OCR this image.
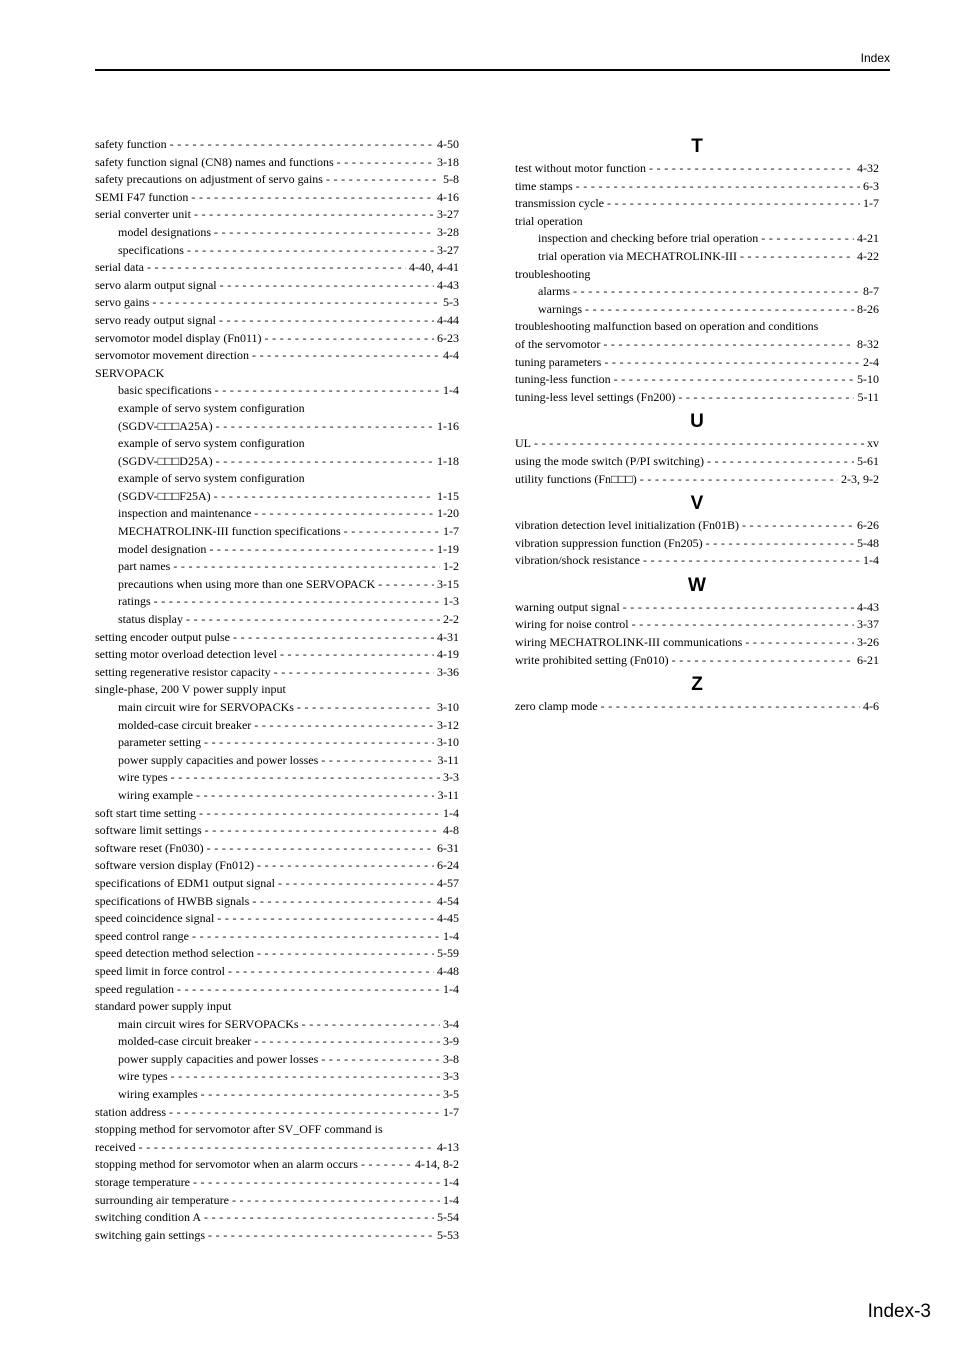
Index
safety function - - -	4-50
safety function signal (CN8) names and functions - - -	3-18
safety precautions on adjustment of servo gains - - -	5-8
SEMI F47 function - - -	4-16
serial converter unit - - -	3-27
model designations - - -	3-28
specifications - - -	3-27
serial data - - -	4-40, 4-41
servo alarm output signal - - -	4-43
servo gains - - -	5-3
servo ready output signal - - -	4-44
servomotor model display (Fn011) - - -	6-23
servomotor movement direction - - -	4-4
SERVOPACK
basic specifications - - -	1-4
example of servo system configuration
(SGDV-□□□A25A) - - -	1-16
example of servo system configuration
(SGDV-□□□D25A) - - -	1-18
example of servo system configuration
(SGDV-□□□F25A) - - -	1-15
inspection and maintenance - - -	1-20
MECHATROLINK-III function specifications - - -	1-7
model designation - - -	1-19
part names - - -	1-2
precautions when using more than one SERVOPACK - - -	3-15
ratings - - -	1-3
status display - - -	2-2
setting encoder output pulse - - -	4-31
setting motor overload detection level - - -	4-19
setting regenerative resistor capacity - - -	3-36
single-phase, 200 V power supply input
main circuit wire for SERVOPACKs - - -	3-10
molded-case circuit breaker - - -	3-12
parameter setting - - -	3-10
power supply capacities and power losses - - -	3-11
wire types - - -	3-3
wiring example - - -	3-11
soft start time setting - - -	1-4
software limit settings - - -	4-8
software reset (Fn030) - - -	6-31
software version display (Fn012) - - -	6-24
specifications of EDM1 output signal - - -	4-57
specifications of HWBB signals - - -	4-54
speed coincidence signal - - -	4-45
speed control range - - -	1-4
speed detection method selection - - -	5-59
speed limit in force control - - -	4-48
speed regulation - - -	1-4
standard power supply input
main circuit wires for SERVOPACKs - - -	3-4
molded-case circuit breaker - - -	3-9
power supply capacities and power losses - - -	3-8
wire types - - -	3-3
wiring examples - - -	3-5
station address - - -	1-7
stopping method for servomotor after SV_OFF command is
received - - -	4-13
stopping method for servomotor when an alarm occurs - - -	4-14, 8-2
storage temperature - - -	1-4
surrounding air temperature - - -	1-4
switching condition A - - -	5-54
switching gain settings - - -	5-53
T
test without motor function - - -	4-32
time stamps - - -	6-3
transmission cycle - - -	1-7
trial operation
inspection and checking before trial operation - - -	4-21
trial operation via MECHATROLINK-III - - -	4-22
troubleshooting
alarms - - -	8-7
warnings - - -	8-26
troubleshooting malfunction based on operation and conditions
of the servomotor - - -	8-32
tuning parameters - - -	2-4
tuning-less function - - -	5-10
tuning-less level settings (Fn200) - - -	5-11
U
UL - - -	xv
using the mode switch (P/PI switching) - - -	5-61
utility functions (Fn□□□) - - -	2-3, 9-2
V
vibration detection level initialization (Fn01B) - - -	6-26
vibration suppression function (Fn205) - - -	5-48
vibration/shock resistance - - -	1-4
W
warning output signal - - -	4-43
wiring for noise control - - -	3-37
wiring MECHATROLINK-III communications - - -	3-26
write prohibited setting (Fn010) - - -	6-21
Z
zero clamp mode - - -	4-6
Index-3
